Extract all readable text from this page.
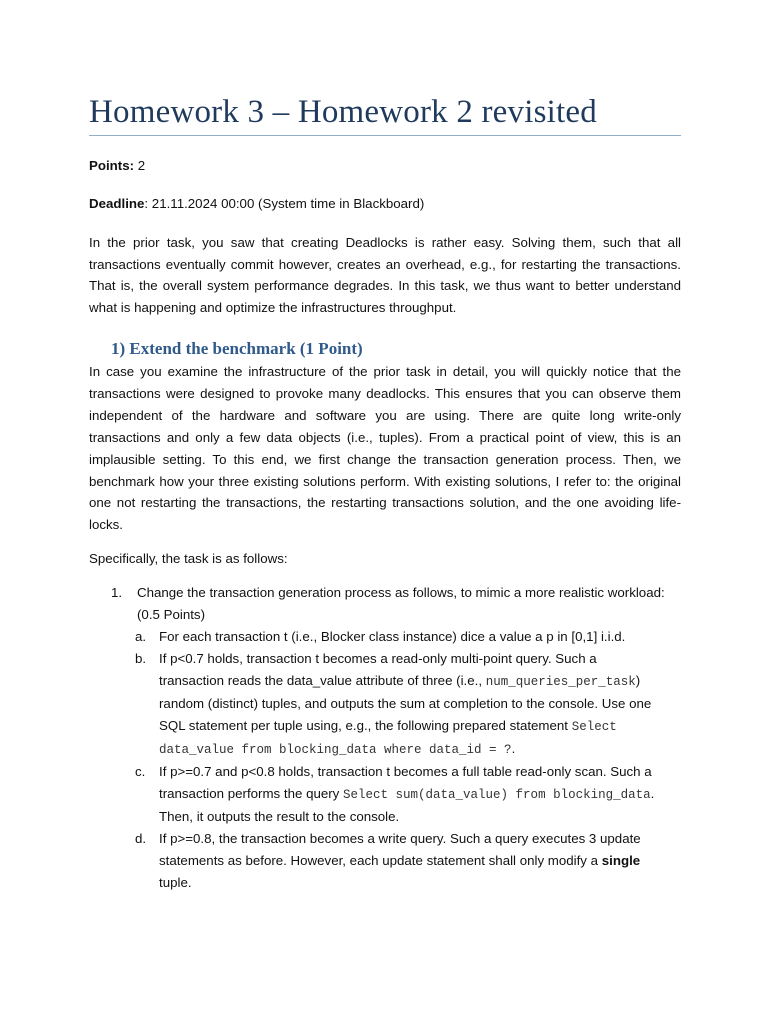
Homework 3 – Homework 2 revisited
Points: 2
Deadline: 21.11.2024 00:00 (System time in Blackboard)
In the prior task, you saw that creating Deadlocks is rather easy. Solving them, such that all transactions eventually commit however, creates an overhead, e.g., for restarting the transactions. That is, the overall system performance degrades. In this task, we thus want to better understand what is happening and optimize the infrastructures throughput.
1) Extend the benchmark (1 Point)
In case you examine the infrastructure of the prior task in detail, you will quickly notice that the transactions were designed to provoke many deadlocks. This ensures that you can observe them independent of the hardware and software you are using. There are quite long write-only transactions and only a few data objects (i.e., tuples). From a practical point of view, this is an implausible setting. To this end, we first change the transaction generation process. Then, we benchmark how your three existing solutions perform. With existing solutions, I refer to: the original one not restarting the transactions, the restarting transactions solution, and the one avoiding life-locks.
Specifically, the task is as follows:
1. Change the transaction generation process as follows, to mimic a more realistic workload: (0.5 Points)
a. For each transaction t (i.e., Blocker class instance) dice a value a p in [0,1] i.i.d.
b. If p<0.7 holds, transaction t becomes a read-only multi-point query. Such a transaction reads the data_value attribute of three (i.e., num_queries_per_task) random (distinct) tuples, and outputs the sum at completion to the console. Use one SQL statement per tuple using, e.g., the following prepared statement Select data_value from blocking_data where data_id = ?.
c. If p>=0.7 and p<0.8 holds, transaction t becomes a full table read-only scan. Such a transaction performs the query Select sum(data_value) from blocking_data. Then, it outputs the result to the console.
d. If p>=0.8, the transaction becomes a write query. Such a query executes 3 update statements as before. However, each update statement shall only modify a single tuple.
